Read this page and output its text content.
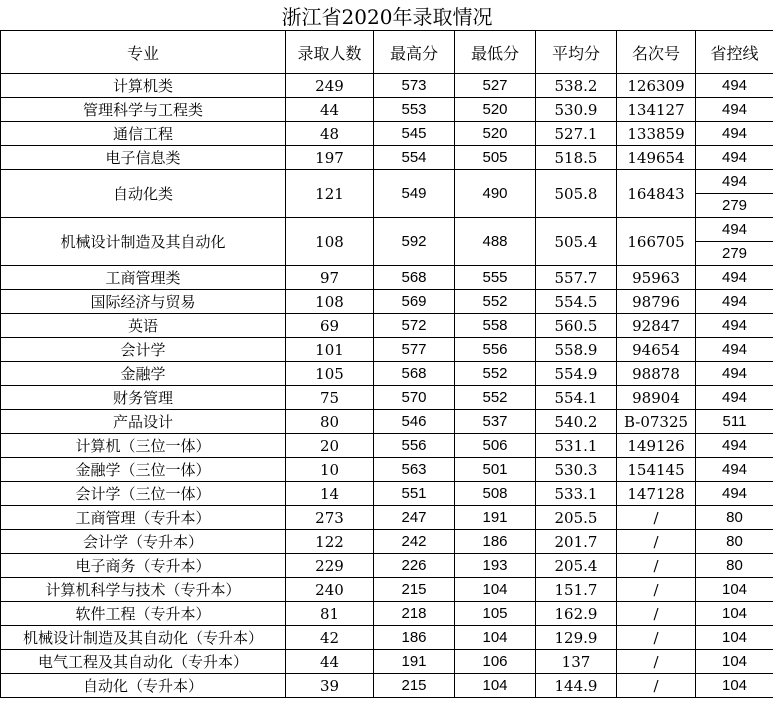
浙江省2020年录取情况						
专业	录取人数	最高分	最低分	平均分	名次号	省控线
计算机类	249	573	527	538.2	126309	494
管理科学与工程类	44	553	520	530.9	134127	494
通信工程	48	545	520	527.1	133859	494
电子信息类	197	554	505	518.5	149654	494
自动化类	121	549	490	505.8	164843	494
						279
机械设计制造及其自动化	108	592	488	505.4	166705	494
						279
工商管理类	97	568	555	557.7	95963	494
国际经济与贸易	108	569	552	554.5	98796	494
英语	69	572	558	560.5	92847	494
会计学	101	577	556	558.9	94654	494
金融学	105	568	552	554.9	98878	494
财务管理	75	570	552	554.1	98904	494
产品设计	80	546	537	540.2	B-07325	511
计算机（三位一体）	20	556	506	531.1	149126	494
金融学（三位一体）	10	563	501	530.3	154145	494
会计学（三位一体）	14	551	508	533.1	147128	494
工商管理（专升本）	273	247	191	205.5	/	80
会计学（专升本）	122	242	186	201.7	/	80
电子商务（专升本）	229	226	193	205.4	/	80
计算机科学与技术（专升本）	240	215	104	151.7	/	104
软件工程（专升本）	81	218	105	162.9	/	104
机械设计制造及其自动化（专升本）	42	186	104	129.9	/	104
电气工程及其自动化（专升本）	44	191	106	137	/	104
自动化（专升本）	39	215	104	144.9	/	104
